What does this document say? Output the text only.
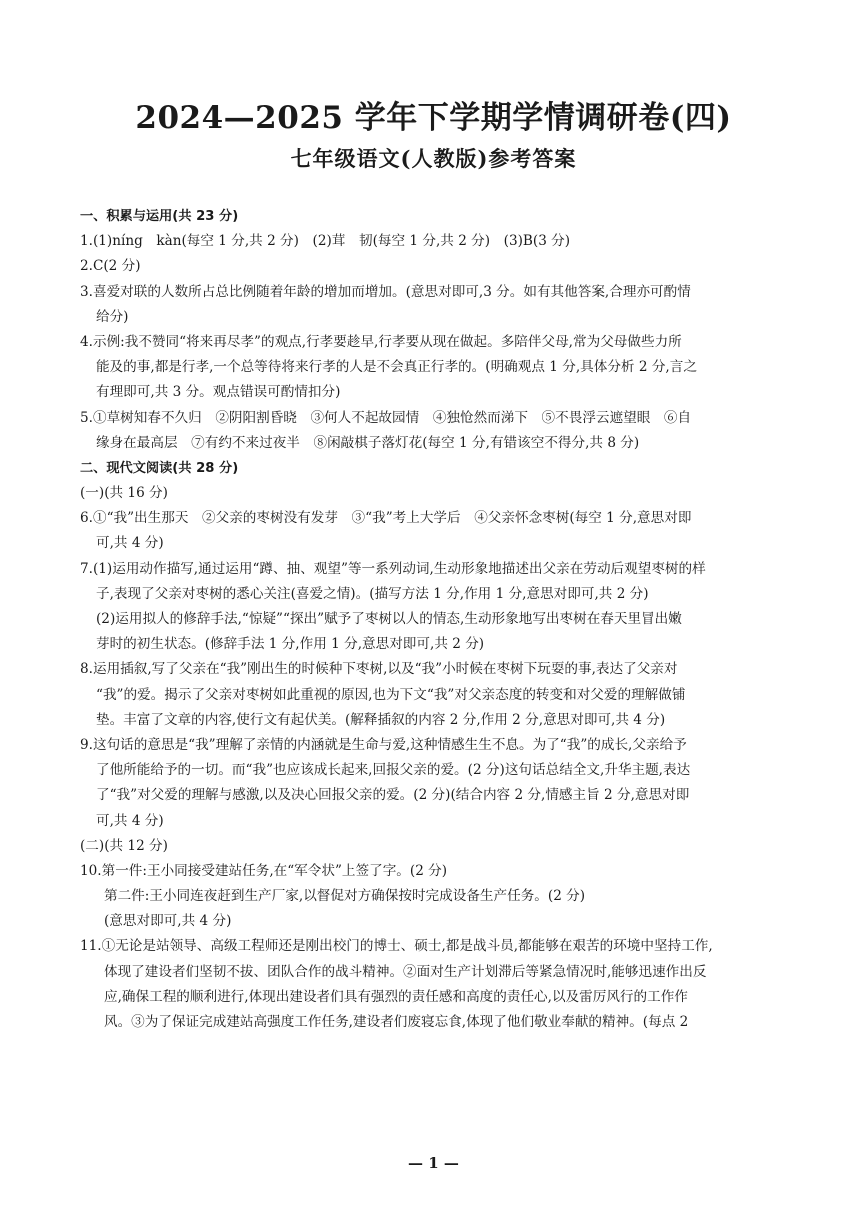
2024—2025 学年下学期学情调研卷(四)
七年级语文(人教版)参考答案
一、积累与运用(共 23 分)
1.(1)níng　kàn(每空 1 分,共 2 分)　(2)茸　韧(每空 1 分,共 2 分)　(3)B(3 分)
2.C(2 分)
3.喜爱对联的人数所占总比例随着年龄的增加而增加。(意思对即可,3 分。如有其他答案,合理亦可酌情
给分)
4.示例:我不赞同“将来再尽孝”的观点,行孝要趁早,行孝要从现在做起。多陪伴父母,常为父母做些力所
能及的事,都是行孝,一个总等待将来行孝的人是不会真正行孝的。(明确观点 1 分,具体分析 2 分,言之
有理即可,共 3 分。观点错误可酌情扣分)
5.①草树知春不久归　②阴阳割昏晓　③何人不起故园情　④独怆然而涕下　⑤不畏浮云遮望眼　⑥自
缘身在最高层　⑦有约不来过夜半　⑧闲敲棋子落灯花(每空 1 分,有错该空不得分,共 8 分)
二、现代文阅读(共 28 分)
(一)(共 16 分)
6.①“我”出生那天　②父亲的枣树没有发芽　③“我”考上大学后　④父亲怀念枣树(每空 1 分,意思对即
可,共 4 分)
7.(1)运用动作描写,通过运用“蹲、抽、观望”等一系列动词,生动形象地描述出父亲在劳动后观望枣树的样
子,表现了父亲对枣树的悉心关注(喜爱之情)。(描写方法 1 分,作用 1 分,意思对即可,共 2 分)
(2)运用拟人的修辞手法,“惊疑”“探出”赋予了枣树以人的情态,生动形象地写出枣树在春天里冒出嫩
芽时的初生状态。(修辞手法 1 分,作用 1 分,意思对即可,共 2 分)
8.运用插叙,写了父亲在“我”刚出生的时候种下枣树,以及“我”小时候在枣树下玩耍的事,表达了父亲对
“我”的爱。揭示了父亲对枣树如此重视的原因,也为下文“我”对父亲态度的转变和对父爱的理解做铺
垫。丰富了文章的内容,使行文有起伏美。(解释插叙的内容 2 分,作用 2 分,意思对即可,共 4 分)
9.这句话的意思是“我”理解了亲情的内涵就是生命与爱,这种情感生生不息。为了“我”的成长,父亲给予
了他所能给予的一切。而“我”也应该成长起来,回报父亲的爱。(2 分)这句话总结全文,升华主题,表达
了“我”对父爱的理解与感激,以及决心回报父亲的爱。(2 分)(结合内容 2 分,情感主旨 2 分,意思对即
可,共 4 分)
(二)(共 12 分)
10.第一件:王小同接受建站任务,在“军令状”上签了字。(2 分)
第二件:王小同连夜赶到生产厂家,以督促对方确保按时完成设备生产任务。(2 分)
(意思对即可,共 4 分)
11.①无论是站领导、高级工程师还是刚出校门的博士、硕士,都是战斗员,都能够在艰苦的环境中坚持工作,
体现了建设者们坚韧不拔、团队合作的战斗精神。②面对生产计划滞后等紧急情况时,能够迅速作出反
应,确保工程的顺利进行,体现出建设者们具有强烈的责任感和高度的责任心,以及雷厉风行的工作作
风。③为了保证完成建站高强度工作任务,建设者们废寝忘食,体现了他们敬业奉献的精神。(每点 2
— 1 —
